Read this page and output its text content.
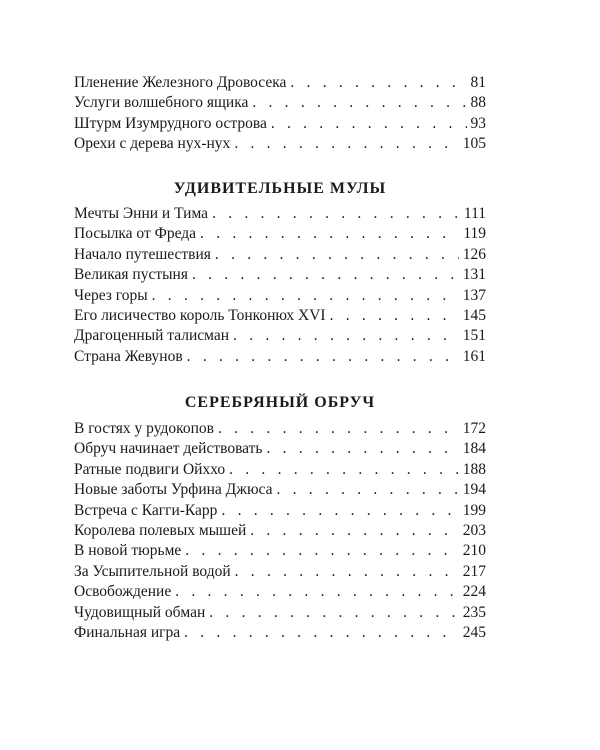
Пленение Железного Дровосека . . .	81
Услуги волшебного ящика . . .	88
Штурм Изумрудного острова . . .	93
Орехи с дерева нух-нух . . .	105
УДИВИТЕЛЬНЫЕ МУЛЫ
Мечты Энни и Тима . . .	111
Посылка от Фреда . . .	119
Начало путешествия . . .	126
Великая пустыня . . .	131
Через горы . . .	137
Его лисичество король Тонконюх XVI . . .	145
Драгоценный талисман . . .	151
Страна Жевунов . . .	161
СЕРЕБРЯНЫЙ ОБРУЧ
В гостях у рудокопов . . .	172
Обруч начинает действовать . . .	184
Ратные подвиги Ойххо . . .	188
Новые заботы Урфина Джюса . . .	194
Встреча с Кагги-Карр . . .	199
Королева полевых мышей . . .	203
В новой тюрьме . . .	210
За Усыпительной водой . . .	217
Освобождение . . .	224
Чудовищный обман . . .	235
Финальная игра . . .	245
